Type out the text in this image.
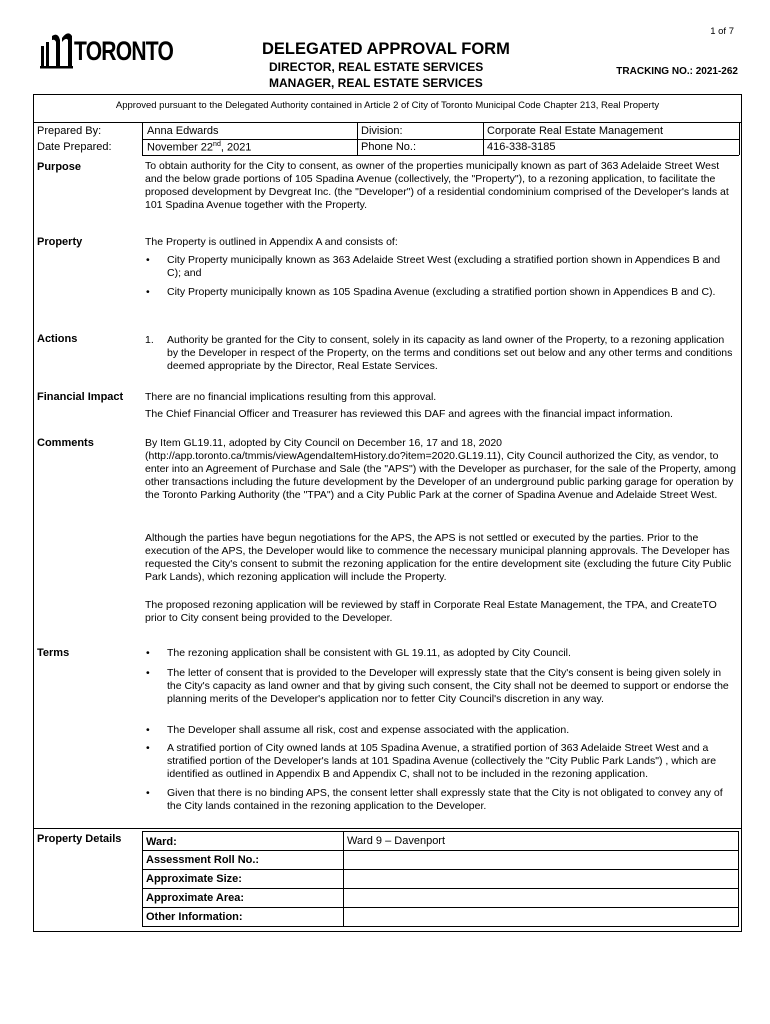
1 of 7
TORONTO	DELEGATED APPROVAL FORM
DIRECTOR, REAL ESTATE SERVICES
MANAGER, REAL ESTATE SERVICES
TRACKING NO.: 2021-262
Approved pursuant to the Delegated Authority contained in Article 2 of City of Toronto Municipal Code Chapter 213, Real Property
Prepared By:	Anna Edwards	Division:	Corporate Real Estate Management
Date Prepared:	November 22nd, 2021	Phone No.:	416-338-3185
Purpose	To obtain authority for the City to consent, as owner of the properties municipally known as part of 363 Adelaide Street West and the below grade portions of 105 Spadina Avenue (collectively, the "Property"), to a rezoning application, to facilitate the proposed development by Devgreat Inc. (the "Developer") of a residential condominium comprised of the Developer's lands at 101 Spadina Avenue together with the Property.
Property	The Property is outlined in Appendix A and consists of:
• City Property municipally known as 363 Adelaide Street West (excluding a stratified portion shown in Appendices B and C); and
• City Property municipally known as 105 Spadina Avenue (excluding a stratified portion shown in Appendices B and C).
Actions	1. Authority be granted for the City to consent, solely in its capacity as land owner of the Property, to a rezoning application by the Developer in respect of the Property, on the terms and conditions set out below and any other terms and conditions deemed appropriate by the Director, Real Estate Services.
Financial Impact There are no financial implications resulting from this approval.
The Chief Financial Officer and Treasurer has reviewed this DAF and agrees with the financial impact information.
Comments	By Item GL19.11, adopted by City Council on December 16, 17 and 18, 2020 (http://app.toronto.ca/tmmis/viewAgendaItemHistory.do?item=2020.GL19.11), City Council authorized the City, as vendor, to enter into an Agreement of Purchase and Sale (the "APS") with the Developer as purchaser, for the sale of the Property, among other transactions including the future development by the Developer of an underground public parking garage for operation by the Toronto Parking Authority (the "TPA") and a City Public Park at the corner of Spadina Avenue and Adelaide Street West.
Although the parties have begun negotiations for the APS, the APS is not settled or executed by the parties. Prior to the execution of the APS, the Developer would like to commence the necessary municipal planning approvals. The Developer has requested the City's consent to submit the rezoning application for the entire development site (excluding the future City Public Park Lands), which rezoning application will include the Property.
The proposed rezoning application will be reviewed by staff in Corporate Real Estate Management, the TPA, and CreateTO prior to City consent being provided to the Developer.
Terms	• The rezoning application shall be consistent with GL 19.11, as adopted by City Council.
• The letter of consent that is provided to the Developer will expressly state that the City's consent is being given solely in the City's capacity as land owner and that by giving such consent, the City shall not be deemed to support or endorse the planning merits of the Developer's application nor to fetter City Council's discretion in any way.
• The Developer shall assume all risk, cost and expense associated with the application.
• A stratified portion of City owned lands at 105 Spadina Avenue, a stratified portion of 363 Adelaide Street West and a stratified portion of the Developer's lands at 101 Spadina Avenue (collectively the "City Public Park Lands") , which are identified as outlined in Appendix B and Appendix C, shall not to be included in the rezoning application.
• Given that there is no binding APS, the consent letter shall expressly state that the City is not obligated to convey any of the City lands contained in the rezoning application to the Developer.
Property Details Ward:	Ward 9 – Davenport
Assessment Roll No.:
Approximate Size:
Approximate Area:
Other Information:
